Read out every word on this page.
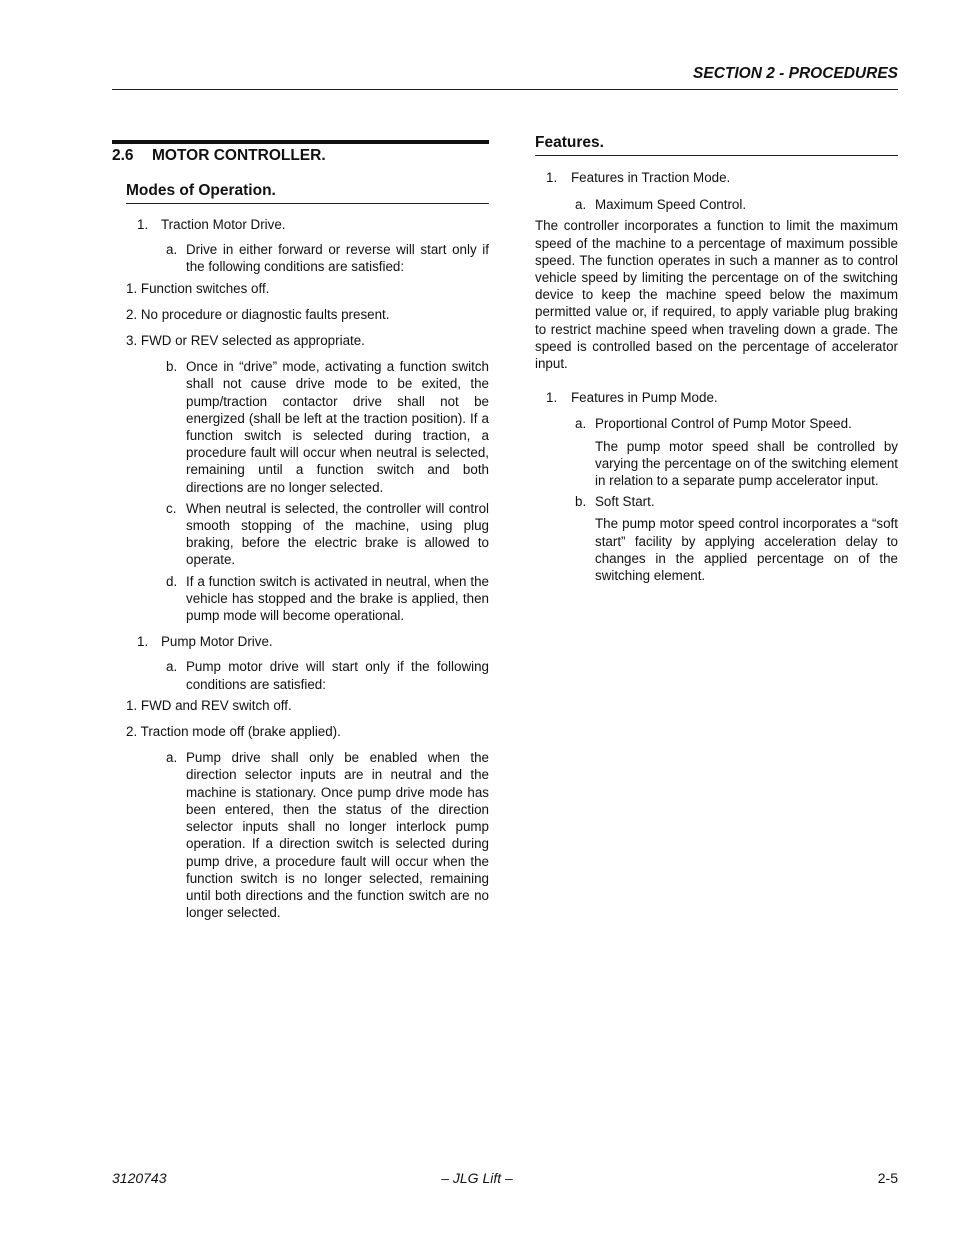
SECTION 2 - PROCEDURES
2.6 MOTOR CONTROLLER.
Modes of Operation.
1. Traction Motor Drive.
a. Drive in either forward or reverse will start only if the following conditions are satisfied:
1. Function switches off.
2. No procedure or diagnostic faults present.
3. FWD or REV selected as appropriate.
b. Once in “drive” mode, activating a function switch shall not cause drive mode to be exited, the pump/traction contactor drive shall not be energized (shall be left at the traction position). If a function switch is selected during traction, a procedure fault will occur when neutral is selected, remaining until a function switch and both directions are no longer selected.
c. When neutral is selected, the controller will control smooth stopping of the machine, using plug braking, before the electric brake is allowed to operate.
d. If a function switch is activated in neutral, when the vehicle has stopped and the brake is applied, then pump mode will become operational.
1. Pump Motor Drive.
a. Pump motor drive will start only if the following conditions are satisfied:
1. FWD and REV switch off.
2. Traction mode off (brake applied).
a. Pump drive shall only be enabled when the direction selector inputs are in neutral and the machine is stationary. Once pump drive mode has been entered, then the status of the direction selector inputs shall no longer interlock pump operation. If a direction switch is selected during pump drive, a procedure fault will occur when the function switch is no longer selected, remaining until both directions and the function switch are no longer selected.
Features.
1.	Features in Traction Mode.
a. Maximum Speed Control.
The controller incorporates a function to limit the maximum speed of the machine to a percentage of maximum possible speed. The function operates in such a manner as to control vehicle speed by limiting the percentage on of the switching device to keep the machine speed below the maximum permitted value or, if required, to apply variable plug braking to restrict machine speed when traveling down a grade. The speed is controlled based on the percentage of accelerator input.
1.	Features in Pump Mode.
a. Proportional Control of Pump Motor Speed.
The pump motor speed shall be controlled by varying the percentage on of the switching element in relation to a separate pump accelerator input.
b. Soft Start.
The pump motor speed control incorporates a “soft start” facility by applying acceleration delay to changes in the applied percentage on of the switching element.
3120743	– JLG Lift –	2-5
